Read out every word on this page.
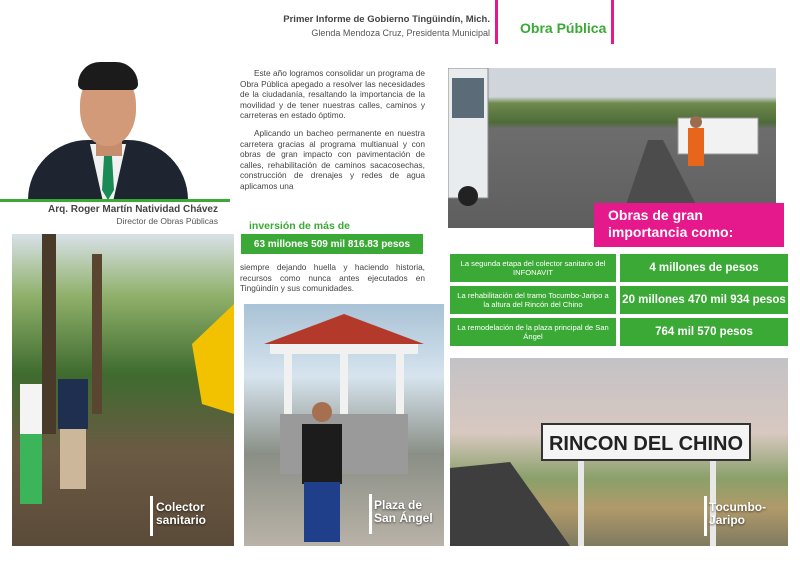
Primer Informe de Gobierno Tingüindín, Mich.
Glenda Mendoza Cruz, Presidenta Municipal Obra Pública
Arq. Roger Martín Natividad Chávez
Director de Obras Públicas

Este año logramos consolidar un programa de Obra Pública apegado a resolver las necesidades de la ciudadanía, resaltando la importancia de la movilidad y de tener nuestras calles, caminos y carreteras en estado óptimo.

Aplicando un bacheo permanente en nuestra carretera gracias al programa multianual y con obras de gran impacto con pavimentación de calles, rehabilitación de caminos sacacosechas, construcción de drenajes y redes de agua aplicamos una

inversión de más de
63 millones 509 mil 816.83 pesos
siempre dejando huella y haciendo historia, recursos como nunca antes ejecutados en Tingüindín y sus comunidades.
Obras de gran importancia como:
La segunda etapa del colector sanitario del INFONAVIT	4 millones de pesos
La rehabilitación del tramo Tocumbo-Jaripo a la altura del Rincón del Chino	20 millones 470 mil 934 pesos
La remodelación de la plaza principal de San Ángel	764 mil 570 pesos
Colector sanitario
Plaza de San Ángel
RINCON DEL CHINO
Tocumbo-Jaripo
